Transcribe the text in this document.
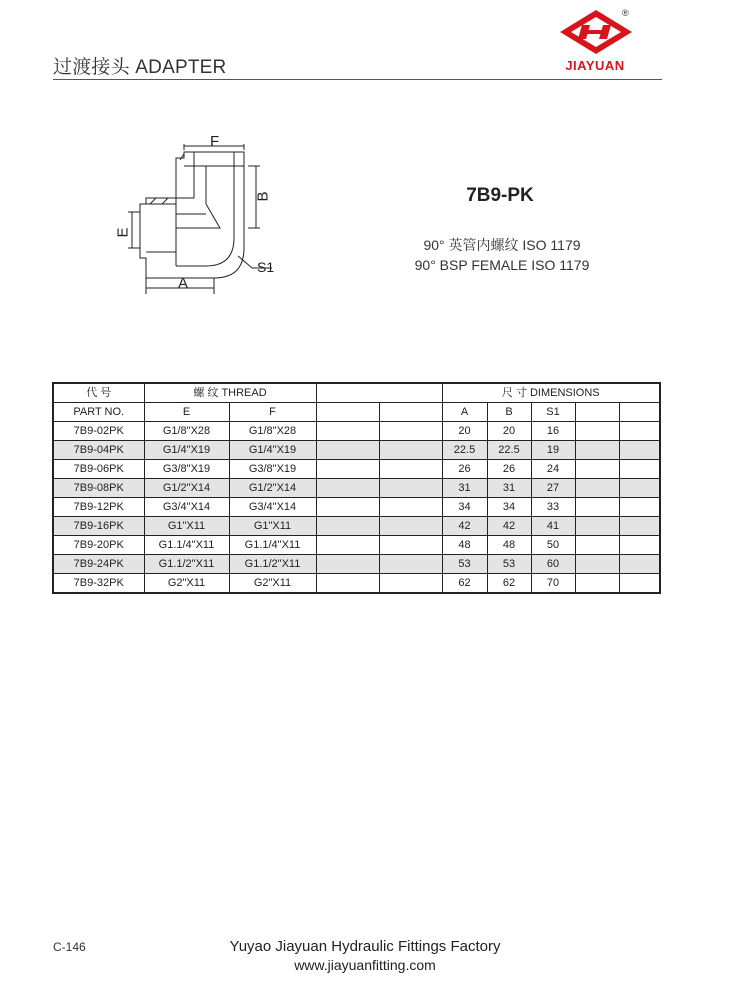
过渡接头 ADAPTER
®
JIAYUAN
F
B
E
S1
A
7B9-PK
90° 英管内螺纹 ISO 1179
90° BSP FEMALE ISO 1179
代 号	螺 纹 THREAD				尺 寸 DIMENSIONS				
PART NO.	E	F			A	B	S1		
7B9-02PK	G1/8"X28	G1/8"X28			20	20	16		
7B9-04PK	G1/4"X19	G1/4"X19			22.5	22.5	19		
7B9-06PK	G3/8"X19	G3/8"X19			26	26	24		
7B9-08PK	G1/2"X14	G1/2"X14			31	31	27		
7B9-12PK	G3/4"X14	G3/4"X14			34	34	33		
7B9-16PK	G1"X11	G1"X11			42	42	41		
7B9-20PK	G1.1/4"X11	G1.1/4"X11			48	48	50		
7B9-24PK	G1.1/2"X11	G1.1/2"X11			53	53	60		
7B9-32PK	G2"X11	G2"X11			62	62	70		
C-146	Yuyao Jiayuan Hydraulic Fittings Factory
www.jiayuanfitting.com
